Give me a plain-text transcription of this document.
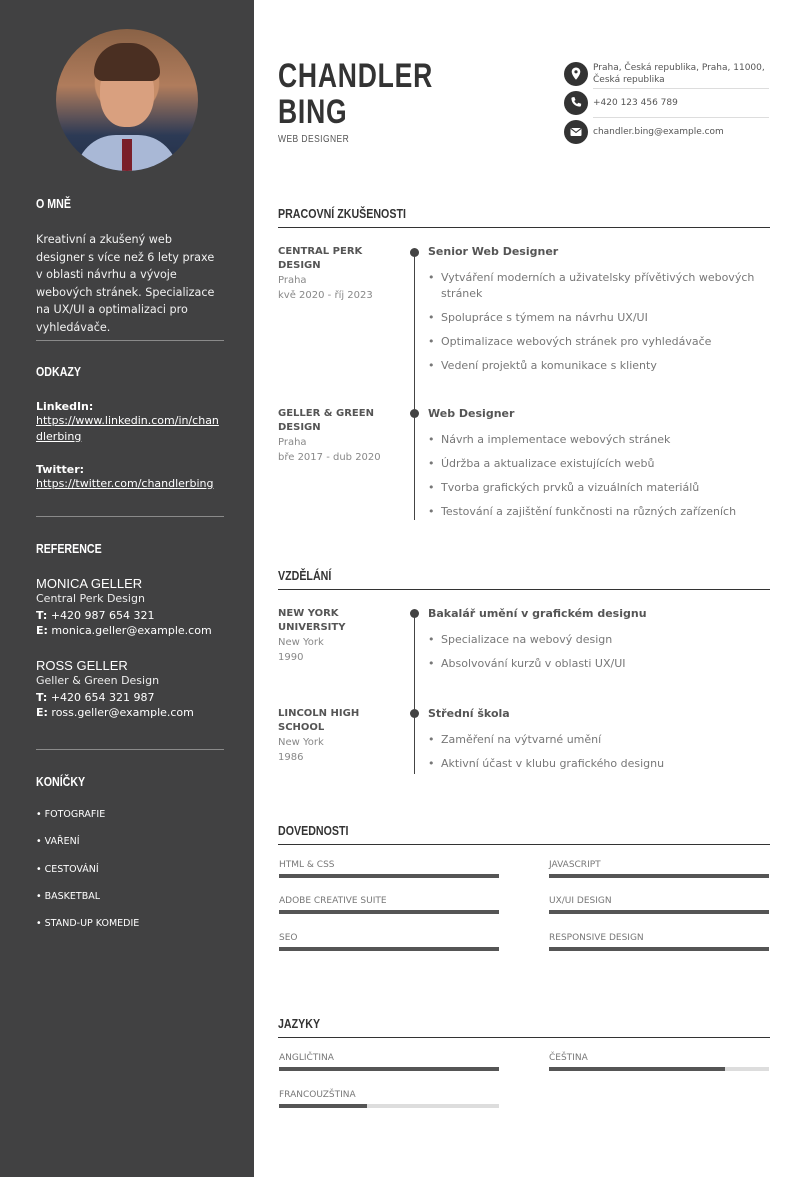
O MNĚ
Kreativní a zkušený web designer s více než 6 lety praxe v oblasti návrhu a vývoje webových stránek. Specializace na UX/UI a optimalizaci pro vyhledávače.
ODKAZY
LinkedIn:
https://www.linkedin.com/in/chandlerbing
Twitter:
https://twitter.com/chandlerbing
REFERENCE
MONICA GELLER
Central Perk Design
T: +420 987 654 321
E: monica.geller@example.com
ROSS GELLER
Geller & Green Design
T: +420 654 321 987
E: ross.geller@example.com
KONÍČKY
• FOTOGRAFIE
• VAŘENÍ
• CESTOVÁNÍ
• BASKETBAL
• STAND-UP KOMEDIE
CHANDLER
BING
WEB DESIGNER
Praha, Česká republika, Praha, 11000, Česká republika
+420 123 456 789
chandler.bing@example.com
PRACOVNÍ ZKUŠENOSTI
CENTRAL PERK DESIGN
Praha
kvě 2020 - říj 2023
Senior Web Designer
• Vytváření moderních a uživatelsky přívětivých webových stránek
• Spolupráce s týmem na návrhu UX/UI
• Optimalizace webových stránek pro vyhledávače
• Vedení projektů a komunikace s klienty
GELLER & GREEN DESIGN
Praha
bře 2017 - dub 2020
Web Designer
• Návrh a implementace webových stránek
• Údržba a aktualizace existujících webů
• Tvorba grafických prvků a vizuálních materiálů
• Testování a zajištění funkčnosti na různých zařízeních
VZDĚLÁNÍ
NEW YORK UNIVERSITY
New York
1990
Bakalář umění v grafickém designu
• Specializace na webový design
• Absolvování kurzů v oblasti UX/UI
LINCOLN HIGH SCHOOL
New York
1986
Střední škola
• Zaměření na výtvarné umění
• Aktivní účast v klubu grafického designu
DOVEDNOSTI
HTML & CSS	JAVASCRIPT
ADOBE CREATIVE SUITE	UX/UI DESIGN
SEO	RESPONSIVE DESIGN
JAZYKY
ANGLIČTINA	ČEŠTINA
FRANCOUZŠTINA
